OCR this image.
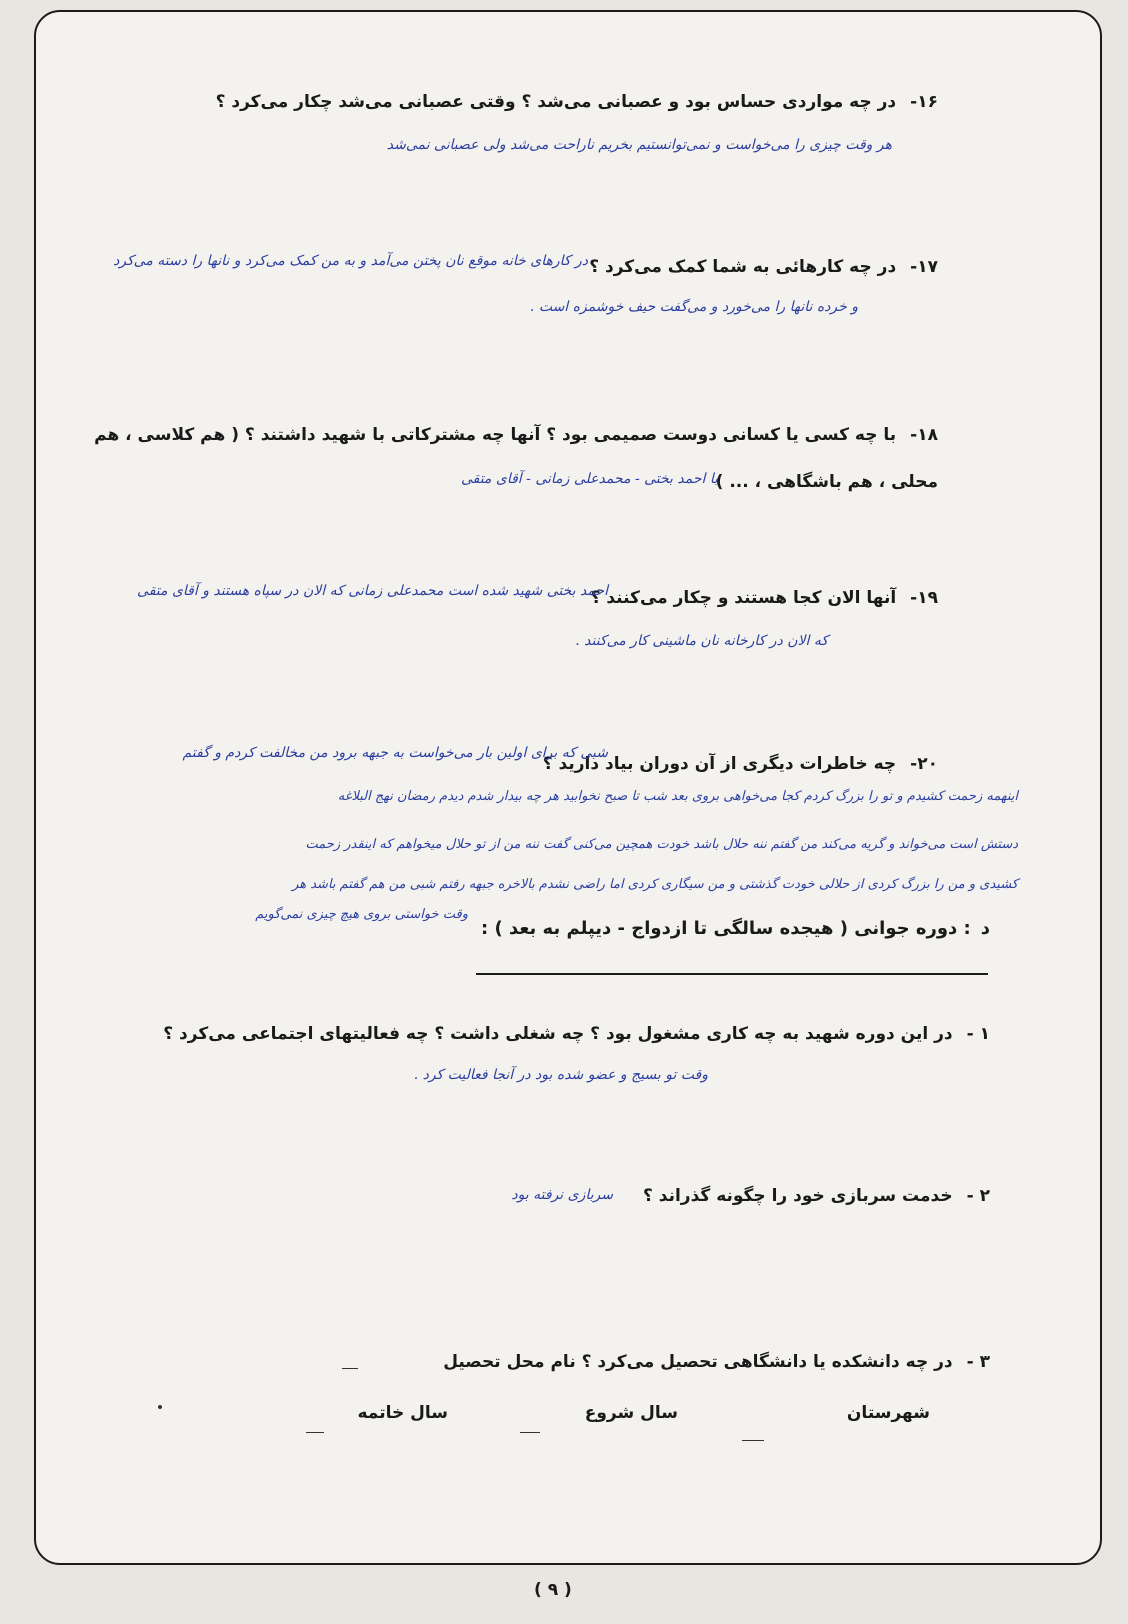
۱۶-در چه مواردی حساس بود و عصبانی می‌شد ؟ وقتی عصبانی می‌شد چکار می‌کرد ؟
هر وقت چیزی را می‌خواست و نمی‌توانستیم بخریم ناراحت می‌شد ولی عصبانی نمی‌شد
۱۷-در چه کارهائی به شما کمک می‌کرد ؟
در کارهای خانه موقع نان پختن می‌آمد و به من کمک می‌کرد و نانها را دسته می‌کرد
و خرده نانها را می‌خورد و می‌گفت حیف خوشمزه است .
۱۸-با چه کسی یا کسانی دوست صمیمی بود ؟ آنها چه مشترکاتی با شهید داشتند ؟ ( هم کلاسی ، هم
محلی ، هم باشگاهی ، ... )
با احمد بختی - محمدعلی زمانی - آقای متقی
۱۹-آنها الان کجا هستند و چکار می‌کنند ؟
احمد بختی شهید شده است محمدعلی زمانی که الان در سپاه هستند و آقای متقی
که الان در کارخانه نان ماشینی کار می‌کنند .
۲۰-چه خاطرات دیگری از آن دوران بیاد دارید ؟
شبی که برای اولین بار می‌خواست به جبهه برود من مخالفت کردم و گفتم
اینهمه زحمت کشیدم و تو را بزرگ کردم کجا می‌خواهی بروی بعد شب تا صبح نخوابید هر چه بیدار شدم دیدم رمضان نهج البلاغه
دستش است می‌خواند و گریه می‌کند من گفتم ننه حلال باشد خودت همچین می‌کنی گفت ننه من از تو حلال میخواهم که اینقدر زحمت
کشیدی و من را بزرگ کردی از حلالی خودت گذشتی و من سیگاری کردی اما راضی نشدم بالاخره جبهه رفتم شبی من هم گفتم باشد هر
وقت خواستی بروی هیچ چیزی نمی‌گویم
د: دوره جوانی ( هیجده سالگی تا ازدواج - دیپلم به بعد ) :
۱ -در این دوره شهید به چه کاری مشغول بود ؟ چه شغلی داشت ؟ چه فعالیتهای اجتماعی می‌کرد ؟
وقت تو بسیج و عضو شده بود در آنجا فعالیت کرد .
۲ -خدمت سربازی خود را چگونه گذراند ؟
سربازی نرفته بود
۳ -در چه دانشکده یا دانشگاهی تحصیل می‌کرد ؟ نام محل تحصیل
شهرستان
سال شروع
سال خاتمه
( ۹ )
